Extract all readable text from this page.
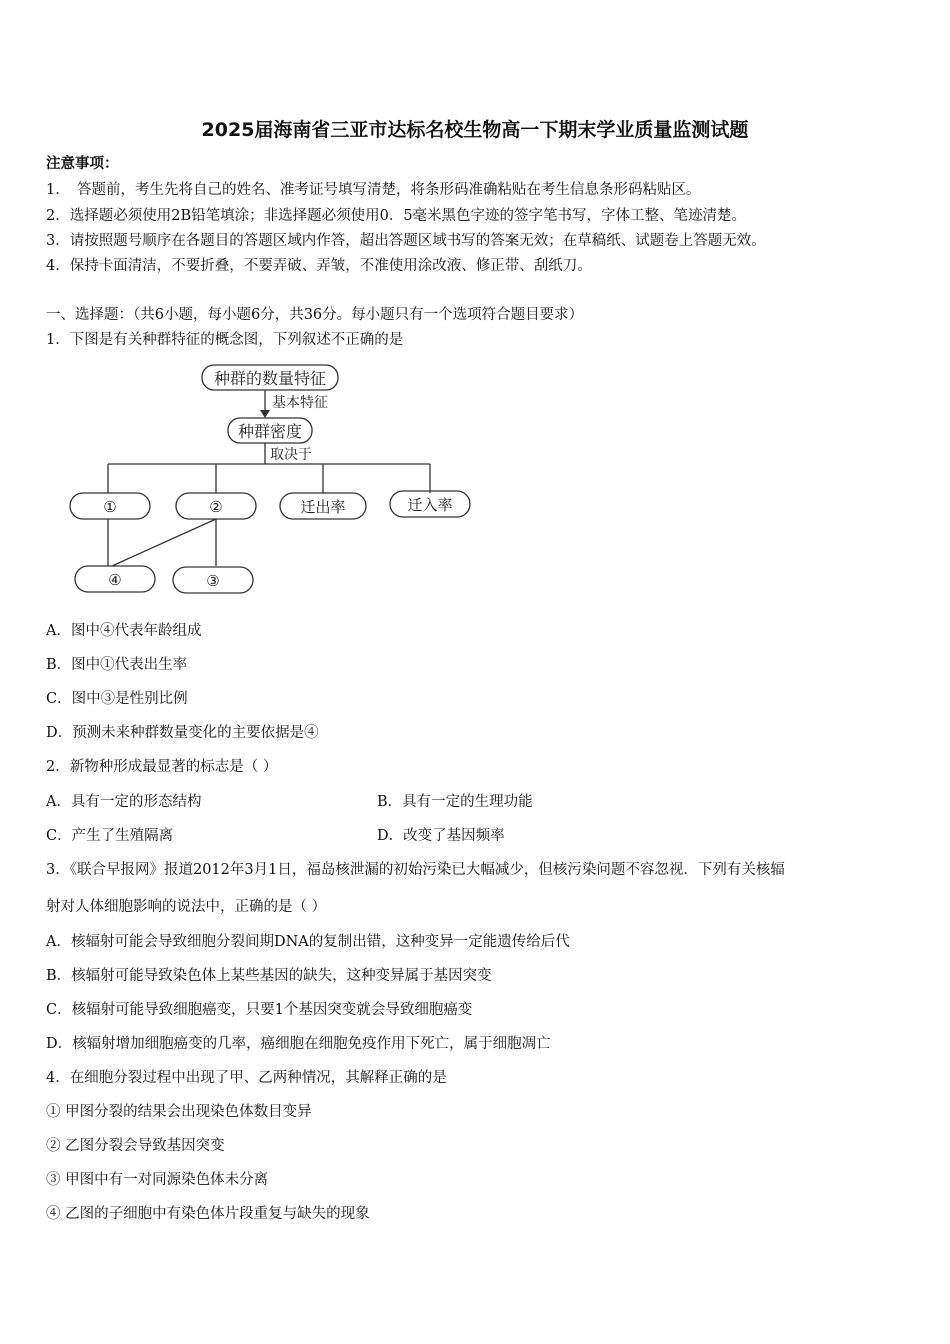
2025届海南省三亚市达标名校生物高一下期末学业质量监测试题
注意事项：
1．　答题前，考生先将自己的姓名、准考证号填写清楚，将条形码准确粘贴在考生信息条形码粘贴区。
2．选择题必须使用2B铅笔填涂；非选择题必须使用0．5毫米黑色字迹的签字笔书写，字体工整、笔迹清楚。
3．请按照题号顺序在各题目的答题区域内作答，超出答题区域书写的答案无效；在草稿纸、试题卷上答题无效。
4．保持卡面清洁，不要折叠，不要弄破、弄皱，不准使用涂改液、修正带、刮纸刀。
一、选择题：（共6小题，每小题6分，共36分。每小题只有一个选项符合题目要求）
1．下图是有关种群特征的概念图，下列叙述不正确的是
种群的数量特征
基本特征
种群密度
取决于
①	②	迁出率	迁入率
④	③
A．图中④代表年龄组成
B．图中①代表出生率
C．图中③是性别比例
D．预测未来种群数量变化的主要依据是④
2．新物种形成最显著的标志是（ ）
A．具有一定的形态结构	B．具有一定的生理功能
C．产生了生殖隔离	D．改变了基因频率
3．《联合早报网》报道2012年3月1日，福岛核泄漏的初始污染已大幅减少，但核污染问题不容忽视．下列有关核辐
射对人体细胞影响的说法中，正确的是（ ）
A．核辐射可能会导致细胞分裂间期DNA的复制出错，这种变异一定能遗传给后代
B．核辐射可能导致染色体上某些基因的缺失，这种变异属于基因突变
C．核辐射可能导致细胞癌变，只要1个基因突变就会导致细胞癌变
D．核辐射增加细胞癌变的几率，癌细胞在细胞免疫作用下死亡，属于细胞凋亡
4．在细胞分裂过程中出现了甲、乙两种情况，其解释正确的是
① 甲图分裂的结果会出现染色体数目变异
② 乙图分裂会导致基因突变
③ 甲图中有一对同源染色体未分离
④ 乙图的子细胞中有染色体片段重复与缺失的现象
